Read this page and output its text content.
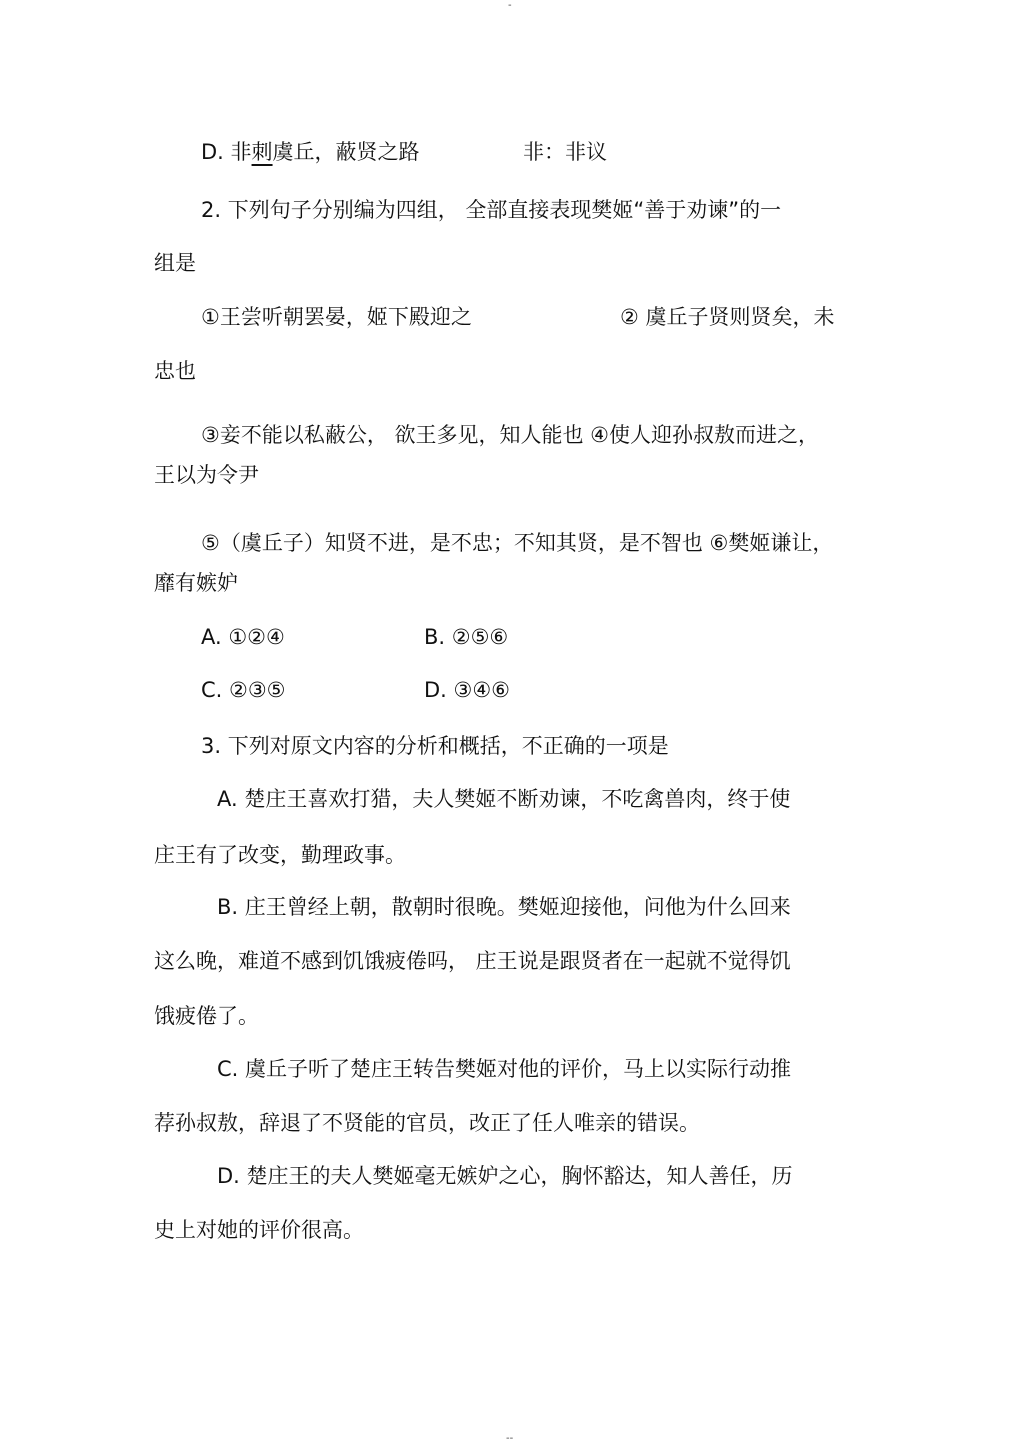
-
D. 非刺虞丘，蔽贤之路	非：非议
2. 下列句子分别编为四组， 全部直接表现樊姬“善于劝谏”的一
组是
①王尝听朝罢晏，姬下殿迎之	② 虞丘子贤则贤矣，未
忠也
③妾不能以私蔽公， 欲王多见，知人能也 ④使人迎孙叔敖而进之，
王以为令尹
⑤（虞丘子）知贤不进，是不忠；不知其贤，是不智也 ⑥樊姬谦让，
靡有嫉妒
A. ①②④	B. ②⑤⑥
C. ②③⑤	D. ③④⑥
3. 下列对原文内容的分析和概括，不正确的一项是
A. 楚庄王喜欢打猎，夫人樊姬不断劝谏，不吃禽兽肉，终于使
庄王有了改变，勤理政事。
B. 庄王曾经上朝，散朝时很晚。樊姬迎接他，问他为什么回来
这么晚，难道不感到饥饿疲倦吗， 庄王说是跟贤者在一起就不觉得饥
饿疲倦了。
C. 虞丘子听了楚庄王转告樊姬对他的评价，马上以实际行动推
荐孙叔敖，辞退了不贤能的官员，改正了任人唯亲的错误。
D. 楚庄王的夫人樊姬毫无嫉妒之心，胸怀豁达，知人善任，历
史上对她的评价很高。
--
